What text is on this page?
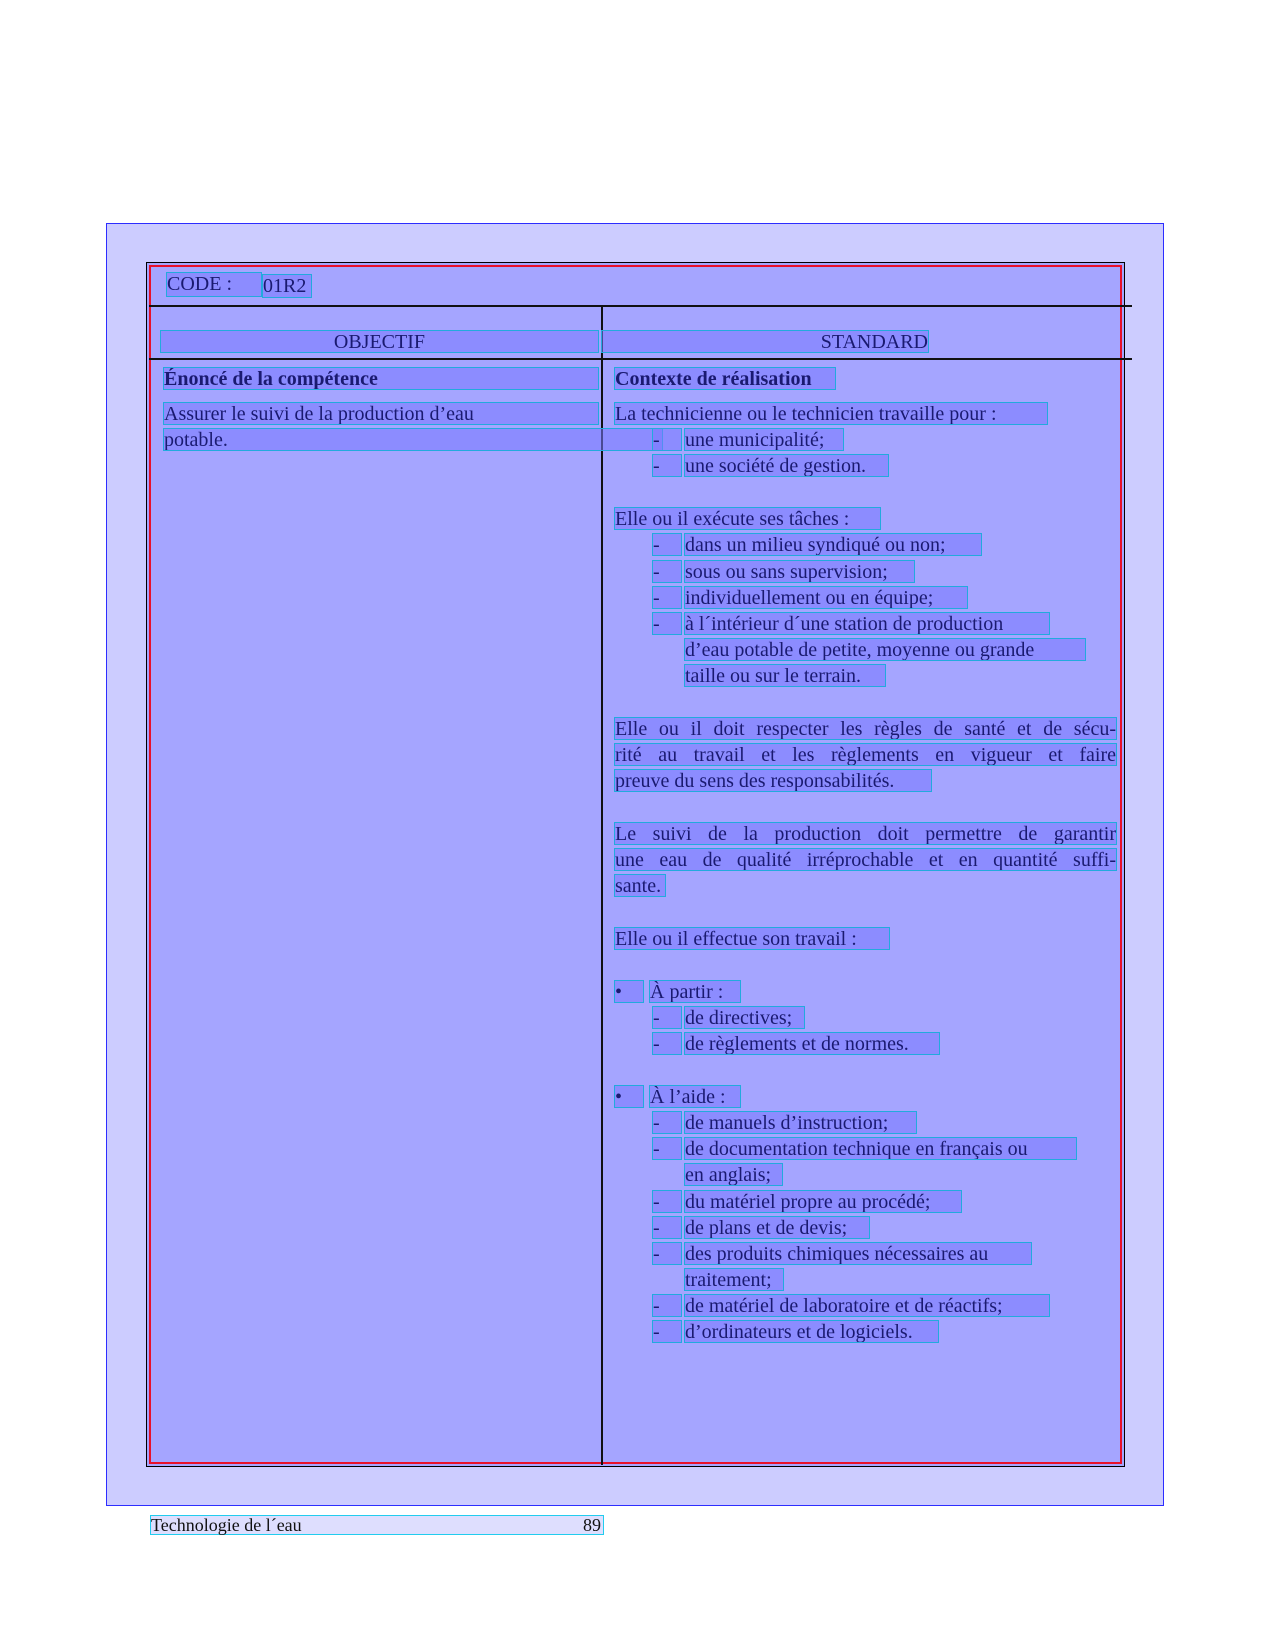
CODE :	01R2
OBJECTIF	STANDARD
Énoncé de la compétence
Assurer le suivi de la production d’eau
potable.
Contexte de réalisation
La technicienne ou le technicien travaille pour :
-	une municipalité;
-	une société de gestion.
Elle ou il exécute ses tâches :
-	dans un milieu syndiqué ou non;
-	sous ou sans supervision;
-	individuellement ou en équipe;
-	à l´intérieur d´une station de production
d’eau potable de petite, moyenne ou grande
taille ou sur le terrain.
Elle ou il doit respecter les règles de santé et de sécu-
rité au travail et les règlements en vigueur et faire
preuve du sens des responsabilités.
Le suivi de la production doit permettre de garantir
une eau de qualité irréprochable et en quantité suffi-
sante.
Elle ou il effectue son travail :
•	À partir :
-	de directives;
-	de règlements et de normes.
•	À l’aide :
-	de manuels d’instruction;
-	de documentation technique en français ou
en anglais;
-	du matériel propre au procédé;
-	de plans et de devis;
-	des produits chimiques nécessaires au
traitement;
-	de matériel de laboratoire et de réactifs;
-	d’ordinateurs et de logiciels.
Technologie de l´eau	89
